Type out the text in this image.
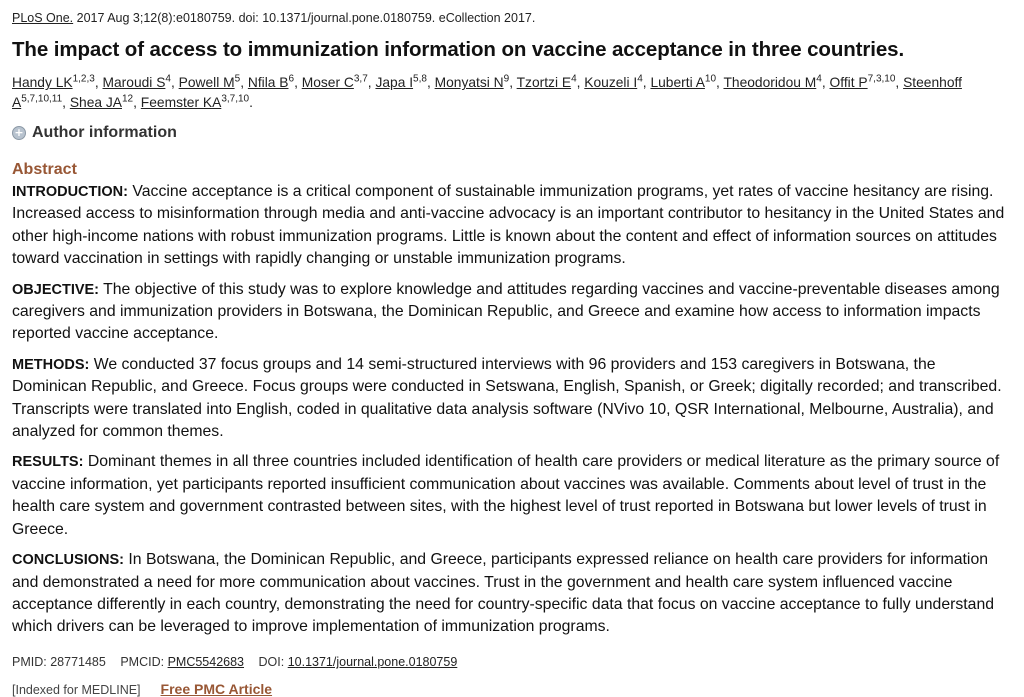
PLoS One. 2017 Aug 3;12(8):e0180759. doi: 10.1371/journal.pone.0180759. eCollection 2017.
The impact of access to immunization information on vaccine acceptance in three countries.
Handy LK$^{1,2,3}$, Maroudi $S^4$, Powell $M^5$, Nfila $B^6$, Moser C$^{3,7}$, Japa I$^{5,8}$, Monyatsi $N^9$, Tzortzi $E^4$, Kouzeli $I^4$, Luberti $A^{10}$, Theodoridou $M^4$, Offit P$^{7,3,10}$, Steenhoff A$^{5,7,10,11}$, Shea JA$^{12}$, Feemster KA$^{3,7,10}$.
+ Author information
Abstract

INTRODUCTION: Vaccine acceptance is a critical component of sustainable immunization programs, yet rates of vaccine hesitancy are rising. Increased access to misinformation through media and anti-vaccine advocacy is an important contributor to hesitancy in the United States and other high-income nations with robust immunization programs. Little is known about the content and effect of information sources on attitudes toward vaccination in settings with rapidly changing or unstable immunization programs.

OBJECTIVE: The objective of this study was to explore knowledge and attitudes regarding vaccines and vaccine-preventable diseases among caregivers and immunization providers in Botswana, the Dominican Republic, and Greece and examine how access to information impacts reported vaccine acceptance.

METHODS: We conducted 37 focus groups and 14 semi-structured interviews with 96 providers and 153 caregivers in Botswana, the Dominican Republic, and Greece. Focus groups were conducted in Setswana, English, Spanish, or Greek; digitally recorded; and transcribed. Transcripts were translated into English, coded in qualitative data analysis software (NVivo 10, QSR International, Melbourne, Australia), and analyzed for common themes.

RESULTS: Dominant themes in all three countries included identification of health care providers or medical literature as the primary source of vaccine information, yet participants reported insufficient communication about vaccines was available. Comments about level of trust in the health care system and government contrasted between sites, with the highest level of trust reported in Botswana but lower levels of trust in Greece.

CONCLUSIONS: In Botswana, the Dominican Republic, and Greece, participants expressed reliance on health care providers for information and demonstrated a need for more communication about vaccines. Trust in the government and health care system influenced vaccine acceptance differently in each country, demonstrating the need for country-specific data that focus on vaccine acceptance to fully understand which drivers can be leveraged to improve implementation of immunization programs.

PMID: 28771485 PMCID: PMC5542683 DOI: 10.1371/journal.pone.0180759
[Indexed for MEDLINE] Free PMC Article
